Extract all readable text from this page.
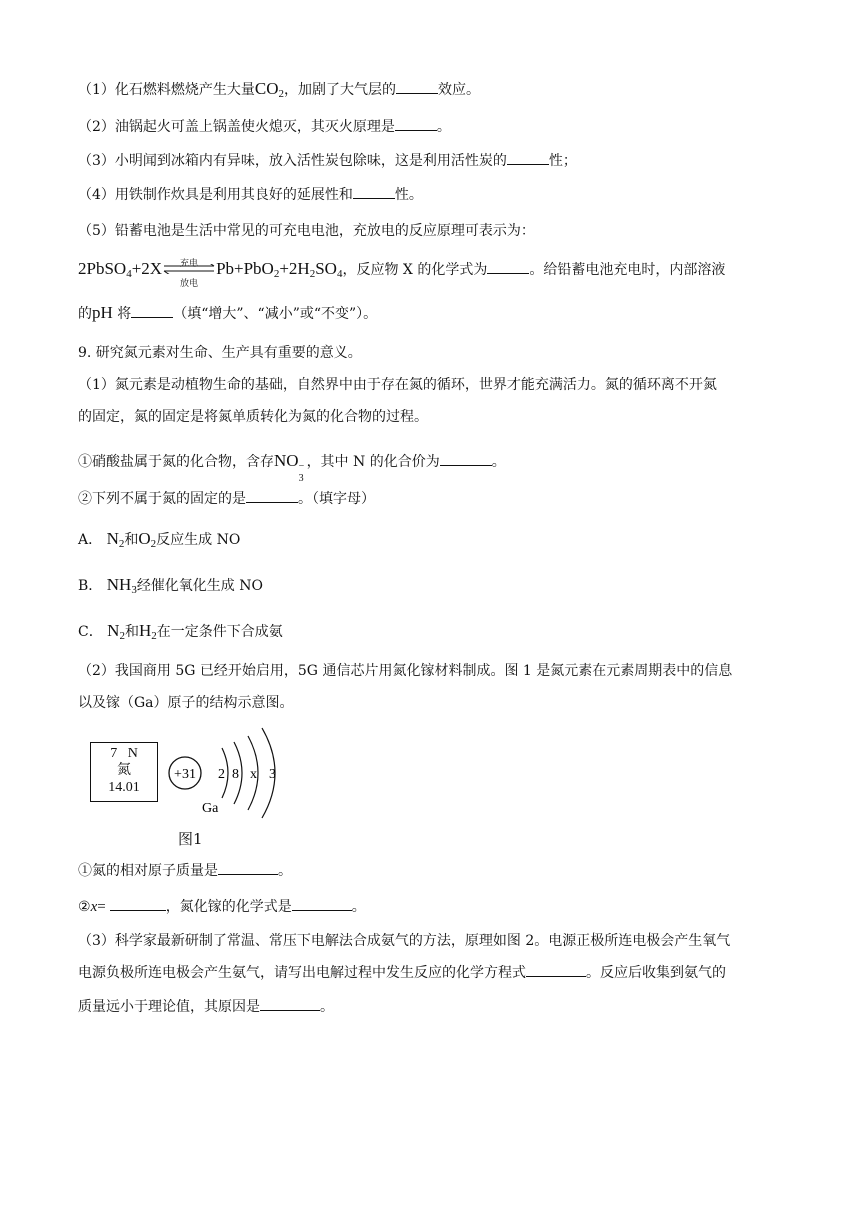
（1）化石燃料燃烧产生大量$CO_2$，加剧了大气层的	效应。
（2）油锅起火可盖上锅盖使火熄灭，其灭火原理是	。
（3）小明闻到冰箱内有异味，放入活性炭包除味，这是利用活性炭的	性；
（4）用铁制作炊具是利用其良好的延展性和	性。
（5）铅蓄电池是生活中常见的可充电电池，充放电的反应原理可表示为：
2PbSO$_4$+2X	充电
放电
$Pb+PbO_2+2H_2SO_4$，反应物 X 的化学式为	。给铅蓄电池充电时，内部溶液
的pH 将	（填“增大”、“减小”或“不变”）。
9. 研究氮元素对生命、生产具有重要的意义。
（1）氮元素是动植物生命的基础，自然界中由于存在氮的循环，世界才能充满活力。氮的循环离不开氮
的固定，氮的固定是将氮单质转化为氮的化合物的过程。
①硝酸盐属于氮的化合物，含存NO −
3
，其中 N 的化合价为	。
②下列不属于氮的固定的是	。（填字母）
A． $N_2$和$O_2$反应生成 NO
B． $NH_3$经催化氧化生成 NO
C． $N_2$和$H_2$在一定条件下合成氨
（2）我国商用 5G 已经开始启用，5G 通信芯片用氮化镓材料制成。图 1 是氮元素在元素周期表中的信息
以及镓（Ga）原子的结构示意图。
7 N
氮
14.01
+31 2 8 x 3
Ga
图1
①氮的相对原子质量是	。
②x=	，氮化镓的化学式是	。
（3）科学家最新研制了常温、常压下电解法合成氨气的方法，原理如图 2。电源正极所连电极会产生氧气
电源负极所连电极会产生氨气，请写出电解过程中发生反应的化学方程式	。反应后收集到氨气的
质量远小于理论值，其原因是	。
